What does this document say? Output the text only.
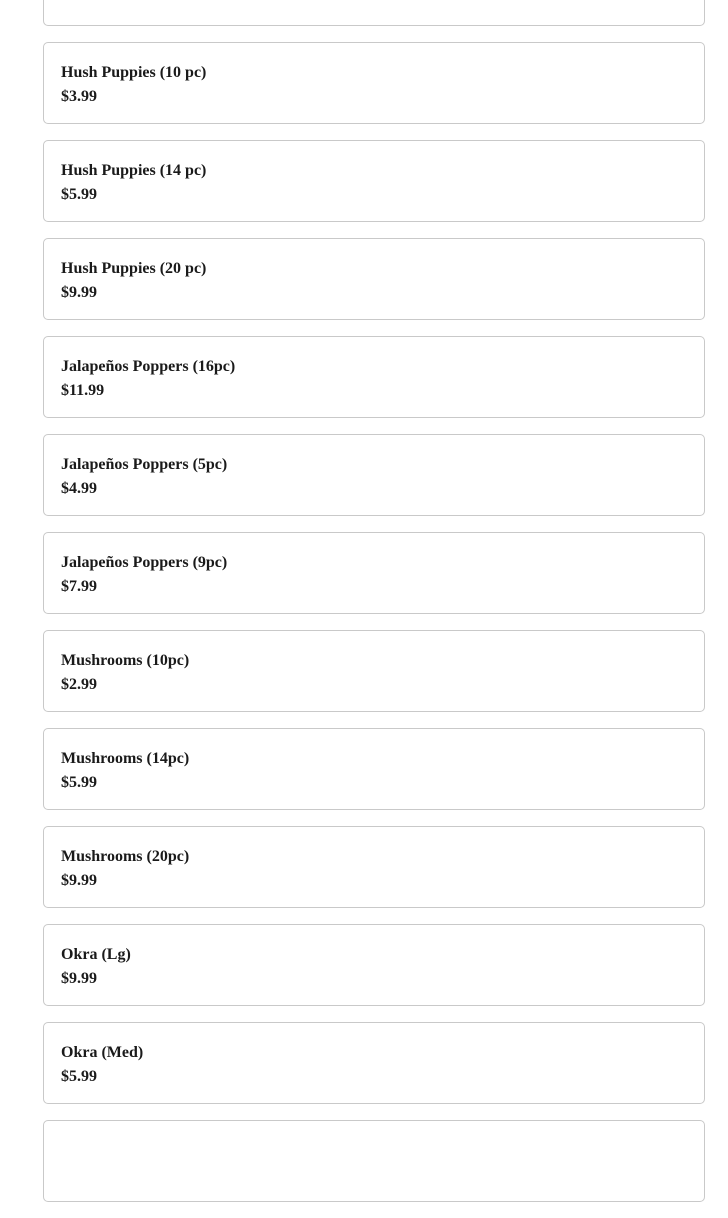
Hush Puppies (10 pc)
$3.99
Hush Puppies (14 pc)
$5.99
Hush Puppies (20 pc)
$9.99
Jalapeños Poppers (16pc)
$11.99
Jalapeños Poppers (5pc)
$4.99
Jalapeños Poppers (9pc)
$7.99
Mushrooms (10pc)
$2.99
Mushrooms (14pc)
$5.99
Mushrooms (20pc)
$9.99
Okra (Lg)
$9.99
Okra (Med)
$5.99
